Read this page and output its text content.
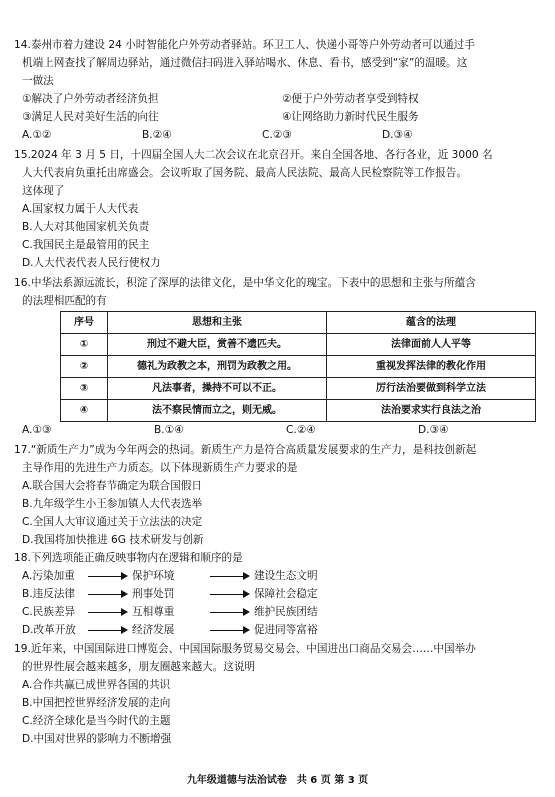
14.泰州市着力建设 24 小时智能化户外劳动者驿站。环卫工人、快递小哥等户外劳动者可以通过手
机端上网查找了解周边驿站，通过微信扫码进入驿站喝水、休息、看书，感受到“家”的温暖。这
一做法
①解决了户外劳动者经济负担	②便于户外劳动者享受到特权
③满足人民对美好生活的向往	④让网络助力新时代民生服务
A.①②	B.②④	C.②③	D.③④
15.2024 年 3 月 5 日，十四届全国人大二次会议在北京召开。来自全国各地、各行各业，近 3000 名
人大代表肩负重托出席盛会。会议听取了国务院、最高人民法院、最高人民检察院等工作报告。
这体现了
A.国家权力属于人大代表
B.人大对其他国家机关负责
C.我国民主是最管用的民主
D.人大代表代表人民行使权力
16.中华法系源远流长，积淀了深厚的法律文化，是中华文化的瑰宝。下表中的思想和主张与所蕴含
的法理相匹配的有
序号	思想和主张	蕴含的法理
①	刑过不避大臣，赏善不遗匹夫。	法律面前人人平等
②	德礼为政教之本，刑罚为政教之用。	重视发挥法律的教化作用
③	凡法事者，操持不可以不正。	厉行法治要做到科学立法
④	法不察民情而立之，则无威。	法治要求实行良法之治
A.①③	B.①④	C.②④	D.③④
17.“新质生产力”成为今年两会的热词。新质生产力是符合高质量发展要求的生产力，是科技创新起
主导作用的先进生产力质态。以下体现新质生产力要求的是
A.联合国大会将春节确定为联合国假日
B.九年级学生小王参加镇人大代表选举
C.全国人大审议通过关于立法法的决定
D.我国将加快推进 6G 技术研发与创新
18.下列选项能正确反映事物内在逻辑和顺序的是
A.污染加重	保护环境	建设生态文明
B.违反法律	刑事处罚	保障社会稳定
C.民族差异	互相尊重	维护民族团结
D.改革开放	经济发展	促进同等富裕
19.近年来，中国国际进口博览会、中国国际服务贸易交易会、中国进出口商品交易会……中国举办
的世界性展会越来越多，朋友圈越来越大。这说明
A.合作共赢已成世界各国的共识
B.中国把控世界经济发展的走向
C.经济全球化是当今时代的主题
D.中国对世界的影响力不断增强
九年级道德与法治试卷　共 6 页 第 3 页
